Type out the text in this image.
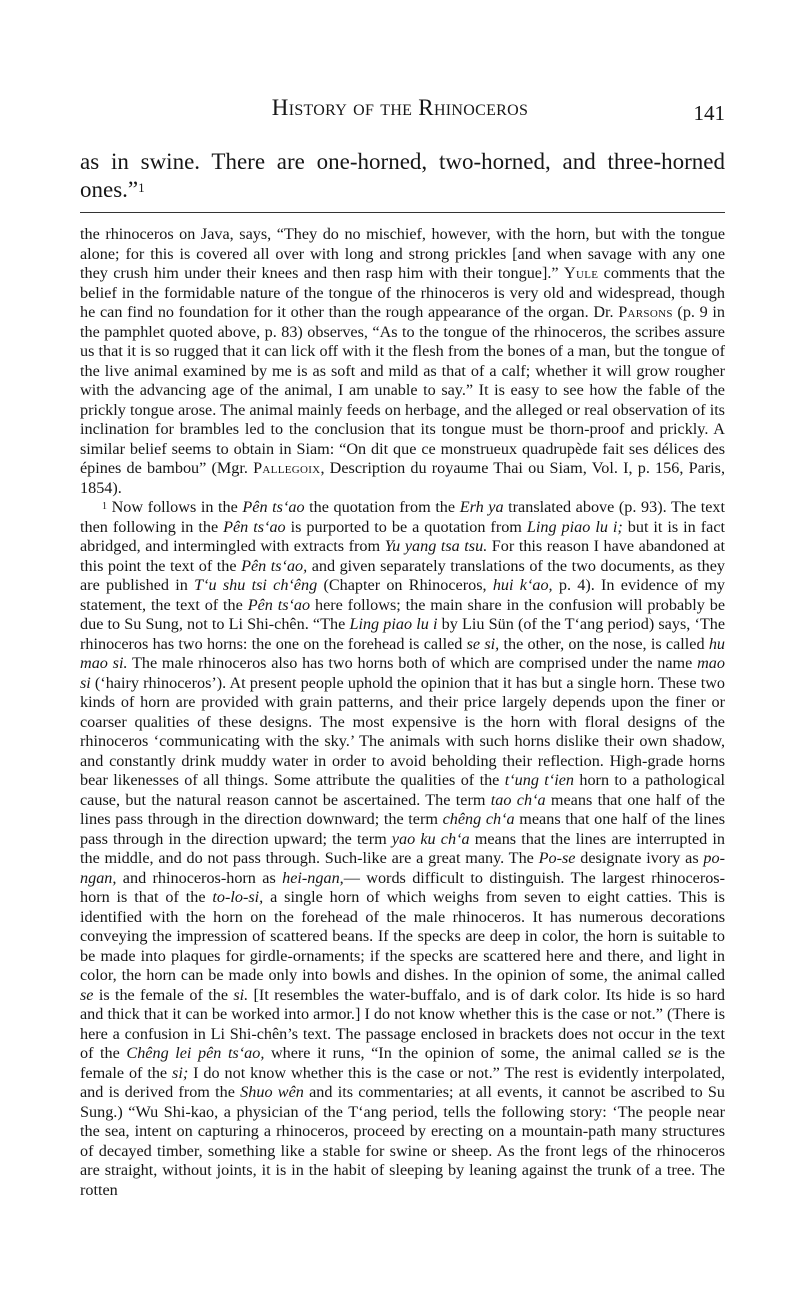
History of the Rhinoceros	141
as in swine. There are one-horned, two-horned, and three-horned ones.”$^1$

the rhinoceros on Java, says, “They do no mischief, however, with the horn, but with the tongue alone; for this is covered all over with long and strong prickles [and when savage with any one they crush him under their knees and then rasp him with their tongue].” Yule comments that the belief in the formidable nature of the tongue of the rhinoceros is very old and widespread, though he can find no foundation for it other than the rough appearance of the organ. Dr. Parsons (p. 9 in the pamphlet quoted above, p. 83) observes, “As to the tongue of the rhinoceros, the scribes assure us that it is so rugged that it can lick off with it the flesh from the bones of a man, but the tongue of the live animal examined by me is as soft and mild as that of a calf; whether it will grow rougher with the advancing age of the animal, I am unable to say.” It is easy to see how the fable of the prickly tongue arose. The animal mainly feeds on herbage, and the alleged or real observation of its inclination for brambles led to the conclusion that its tongue must be thorn-proof and prickly. A similar belief seems to obtain in Siam: “On dit que ce monstrueux quadrupède fait ses délices des épines de bambou” (Mgr. Pallegoix, Description du royaume Thai ou Siam, Vol. I, p. 156, Paris, 1854).

$^1$ Now follows in the Pên ts‘ao the quotation from the Erh ya translated above (p. 93). The text then following in the Pên ts‘ao is purported to be a quotation from Ling piao lu i; but it is in fact abridged, and intermingled with extracts from Yu yang tsa tsu. For this reason I have abandoned at this point the text of the Pên ts‘ao, and given separately translations of the two documents, as they are published in T‘u shu tsi ch‘êng (Chapter on Rhinoceros, hui k‘ao, p. 4). In evidence of my statement, the text of the Pên ts‘ao here follows; the main share in the confusion will probably be due to Su Sung, not to Li Shi-chên. “The Ling piao lu i by Liu Sün (of the T‘ang period) says, ‘The rhinoceros has two horns: the one on the forehead is called se si, the other, on the nose, is called hu mao si. The male rhinoceros also has two horns both of which are comprised under the name mao si (‘hairy rhinoceros’). At present people uphold the opinion that it has but a single horn. These two kinds of horn are provided with grain patterns, and their price largely depends upon the finer or coarser qualities of these designs. The most expensive is the horn with floral designs of the rhinoceros ‘communicating with the sky.’ The animals with such horns dislike their own shadow, and constantly drink muddy water in order to avoid beholding their reflection. High-grade horns bear likenesses of all things. Some attribute the qualities of the t‘ung t‘ien horn to a pathological cause, but the natural reason cannot be ascertained. The term tao ch‘a means that one half of the lines pass through in the direction downward; the term chêng ch‘a means that one half of the lines pass through in the direction upward; the term yao ku ch‘a means that the lines are interrupted in the middle, and do not pass through. Such-like are a great many. The Po-se designate ivory as po-ngan, and rhinoceros-horn as hei-ngan,— words difficult to distinguish. The largest rhinoceros-horn is that of the to-lo-si, a single horn of which weighs from seven to eight catties. This is identified with the horn on the forehead of the male rhinoceros. It has numerous decorations conveying the impression of scattered beans. If the specks are deep in color, the horn is suitable to be made into plaques for girdle-ornaments; if the specks are scattered here and there, and light in color, the horn can be made only into bowls and dishes. In the opinion of some, the animal called se is the female of the si. [It resembles the water-buffalo, and is of dark color. Its hide is so hard and thick that it can be worked into armor.] I do not know whether this is the case or not.” (There is here a confusion in Li Shi-chên’s text. The passage enclosed in brackets does not occur in the text of the Chêng lei pên ts‘ao, where it runs, “In the opinion of some, the animal called se is the female of the si; I do not know whether this is the case or not.” The rest is evidently interpolated, and is derived from the Shuo wên and its commentaries; at all events, it cannot be ascribed to Su Sung.) “Wu Shi-kao, a physician of the T‘ang period, tells the following story: ‘The people near the sea, intent on capturing a rhinoceros, proceed by erecting on a mountain-path many structures of decayed timber, something like a stable for swine or sheep. As the front legs of the rhinoceros are straight, without joints, it is in the habit of sleeping by leaning against the trunk of a tree. The rotten
